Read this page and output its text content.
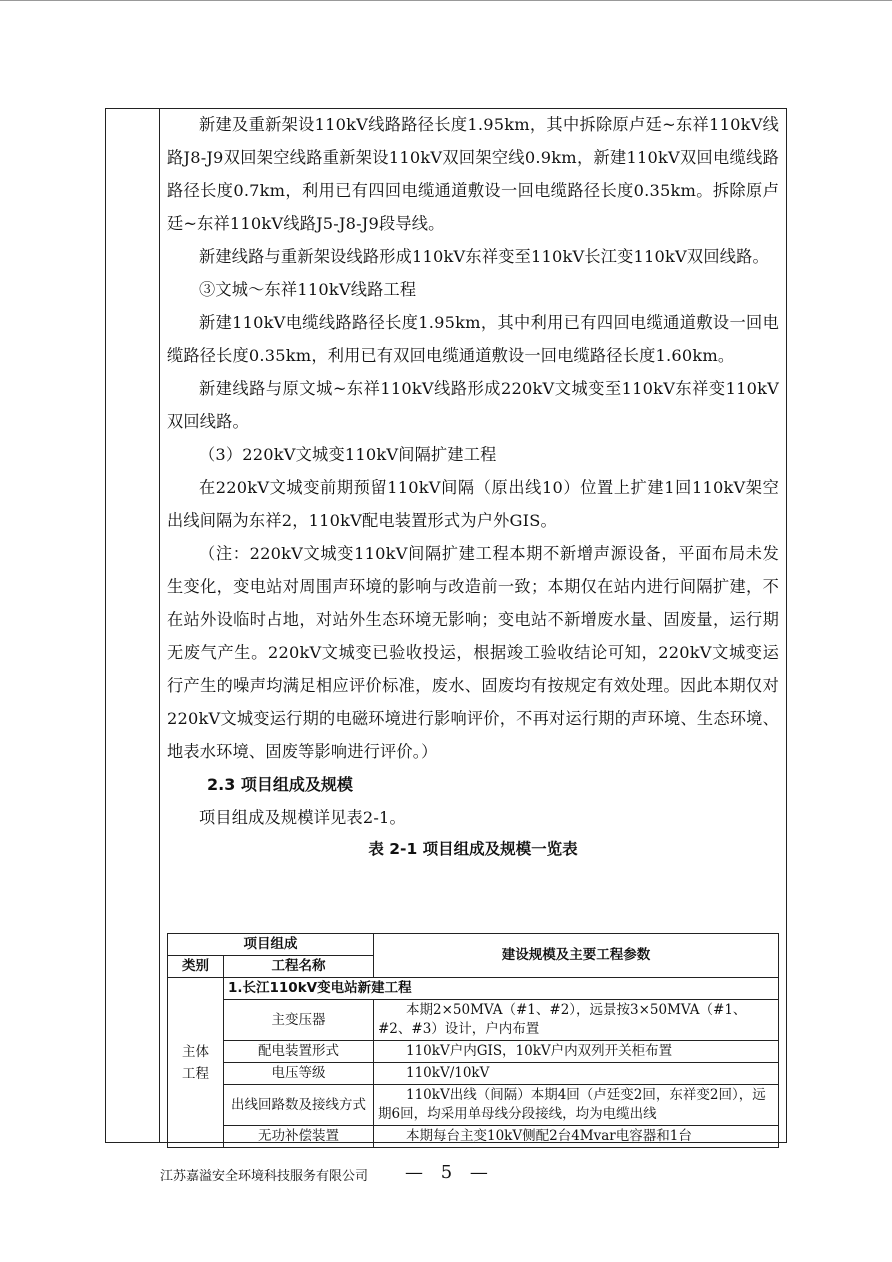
新建及重新架设110kV线路路径长度1.95km，其中拆除原卢廷~东祥110kV线路J8-J9双回架空线路重新架设110kV双回架空线0.9km，新建110kV双回电缆线路路径长度0.7km，利用已有四回电缆通道敷设一回电缆路径长度0.35km。拆除原卢廷~东祥110kV线路J5-J8-J9段导线。

新建线路与重新架设线路形成110kV东祥变至110kV长江变110kV双回线路。

③文城～东祥110kV线路工程

新建110kV电缆线路路径长度1.95km，其中利用已有四回电缆通道敷设一回电缆路径长度0.35km，利用已有双回电缆通道敷设一回电缆路径长度1.60km。

新建线路与原文城~东祥110kV线路形成220kV文城变至110kV东祥变110kV双回线路。

（3）220kV文城变110kV间隔扩建工程

在220kV文城变前期预留110kV间隔（原出线10）位置上扩建1回110kV架空出线间隔为东祥2，110kV配电装置形式为户外GIS。

（注：220kV文城变110kV间隔扩建工程本期不新增声源设备，平面布局未发生变化，变电站对周围声环境的影响与改造前一致；本期仅在站内进行间隔扩建，不在站外设临时占地，对站外生态环境无影响；变电站不新增废水量、固废量，运行期无废气产生。220kV文城变已验收投运，根据竣工验收结论可知，220kV文城变运行产生的噪声均满足相应评价标准，废水、固废均有按规定有效处理。因此本期仅对220kV文城变运行期的电磁环境进行影响评价，不再对运行期的声环境、生态环境、地表水环境、固废等影响进行评价。）

2.3 项目组成及规模

项目组成及规模详见表2-1。

表 2-1 项目组成及规模一览表
项目组成		建设规模及主要工程参数
类别	工程名称	
主体工程	1.长江110kV变电站新建工程	
	主变压器	本期2×50MVA（#1、#2），远景按3×50MVA（#1、#2、#3）设计，户内布置
	配电装置形式	110kV户内GIS，10kV户内双列开关柜布置
	电压等级	110kV/10kV
	出线回路数及接线方式	110kV出线（间隔）本期4回（卢廷变2回，东祥变2回），远期6回，均采用单母线分段接线，均为电缆出线
	无功补偿装置	本期每台主变10kV侧配2台4Mvar电容器和1台
江苏嘉溢安全环境科技服务有限公司 — 5 —
